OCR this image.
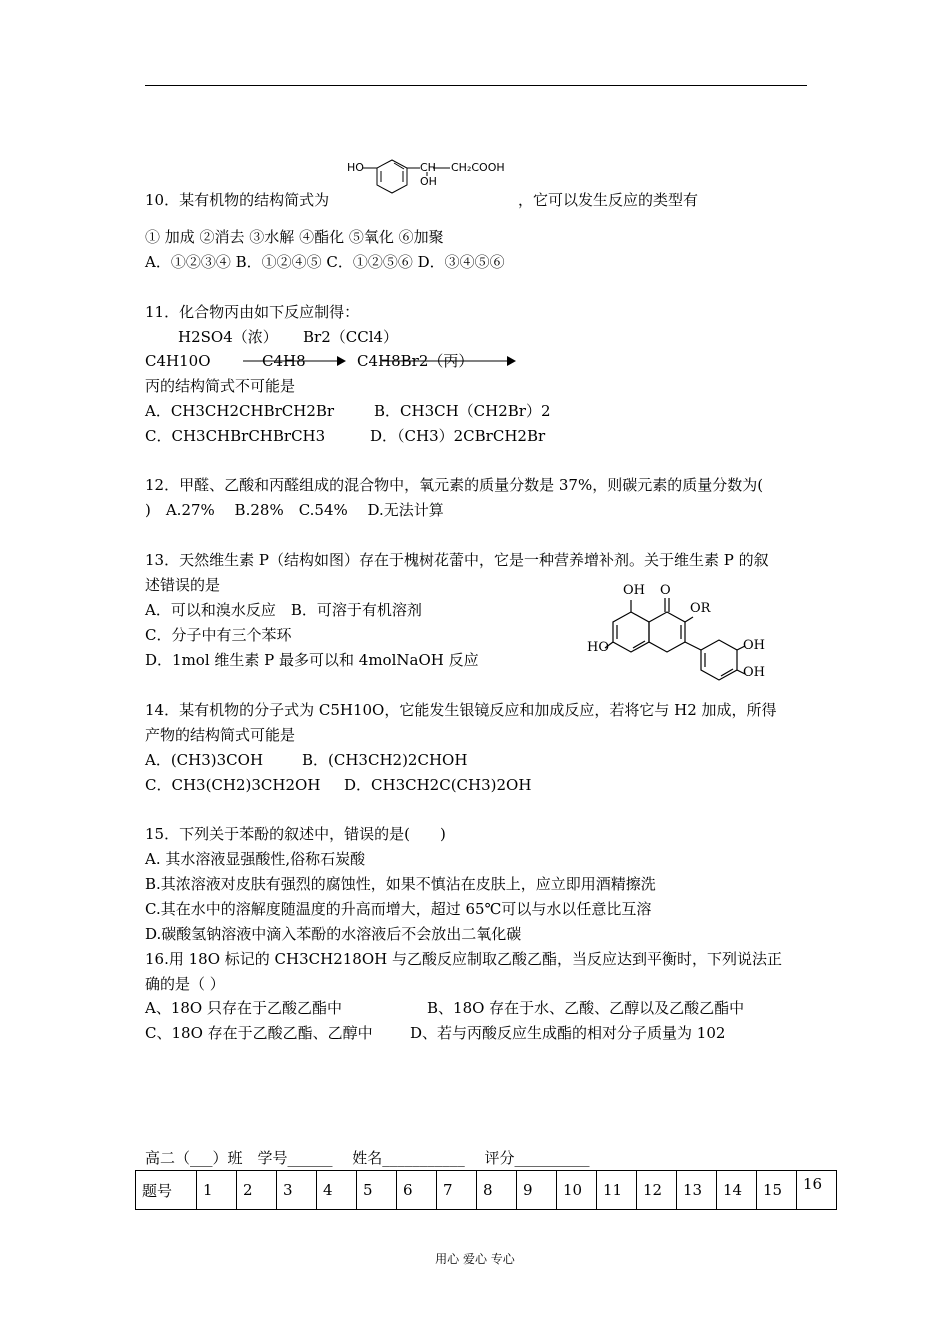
HO	CH CH₂COOH
OH
10．某有机物的结构简式为	，它可以发生反应的类型有
① 加成 ②消去 ③水解 ④酯化 ⑤氧化 ⑥加聚
A．①②③④ B．①②④⑤ C．①②⑤⑥ D．③④⑤⑥
11．化合物丙由如下反应制得：
H2SO4（浓） Br2（CCl4）
C4H10O	C4H8	C4H8Br2（丙）
丙的结构简式不可能是
A．CH3CH2CHBrCH2Br	B．CH3CH（CH2Br）2
C．CH3CHBrCHBrCH3	D．（CH3）2CBrCH2Br
12．甲醛、乙酸和丙醛组成的混合物中，氧元素的质量分数是 37%，则碳元素的质量分数为(
)　A.27%　 B.28%　C.54%　 D.无法计算
13．天然维生素 P（结构如图）存在于槐树花蕾中，它是一种营养增补剂。关于维生素 P 的叙
述错误的是
A．可以和溴水反应　B．可溶于有机溶剂
C．分子中有三个苯环
D．1mol 维生素 P 最多可以和 4molNaOH 反应
OH O
OR
HO	OH
OH
14．某有机物的分子式为 C5H10O，它能发生银镜反应和加成反应，若将它与 H2 加成，所得
产物的结构简式可能是
A．(CH3)3COH	B．(CH3CH2)2CHOH
C．CH3(CH2)3CH2OH D．CH3CH2C(CH3)2OH
15．下列关于苯酚的叙述中，错误的是(　　)
A. 其水溶液显强酸性,俗称石炭酸
B.其浓溶液对皮肤有强烈的腐蚀性，如果不慎沾在皮肤上，应立即用酒精擦洗
C.其在水中的溶解度随温度的升高而增大，超过 65℃可以与水以任意比互溶
D.碳酸氢钠溶液中滴入苯酚的水溶液后不会放出二氧化碳
16.用 18O 标记的 CH3CH218OH 与乙酸反应制取乙酸乙酯，当反应达到平衡时，下列说法正
确的是（ ）
A、18O 只存在于乙酸乙酯中	B、18O 存在于水、乙酸、乙醇以及乙酸乙酯中
C、18O 存在于乙酸乙酯、乙醇中 D、若与丙酸反应生成酯的相对分子质量为 102
高二（___）班　学号______　 姓名___________　 评分__________
题号	1	2	3	4	5	6	7	8	9	10	11	12	13	14	15	16
用心 爱心 专心
